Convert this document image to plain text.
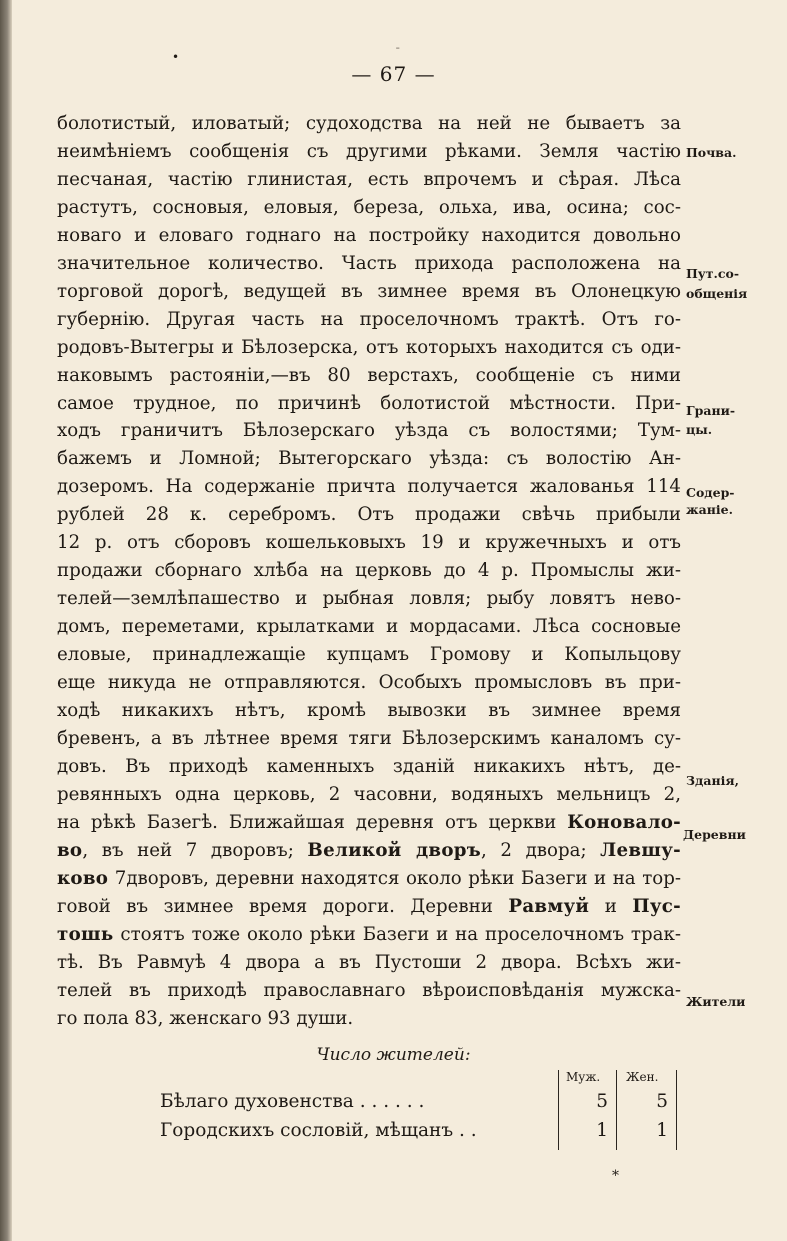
•	ˉ
— 67 —
болотистый, иловатый; судоходства на ней не бываетъ за
неимѣніемъ сообщенія съ другими рѣками. Земля частію
песчаная, частію глинистая, есть впрочемъ и сѣрая. Лѣса
растутъ, сосновыя, еловыя, береза, ольха, ива, осина; сос-
новаго и еловаго годнаго на постройку находится довольно
значительное количество. Часть прихода расположена на
торговой дорогѣ, ведущей въ зимнее время въ Олонецкую
губернію. Другая часть на проселочномъ трактѣ. Отъ го-
родовъ-Вытегры и Бѣлозерска, отъ которыхъ находится съ оди-
наковымъ растояніи,—въ 80 верстахъ, сообщеніе съ ними
самое трудное, по причинѣ болотистой мѣстности. При-
ходъ граничитъ Бѣлозерскаго уѣзда съ волостями; Тум-
бажемъ и Ломной; Вытегорскаго уѣзда: съ волостію Ан-
дозеромъ. На содержаніе причта получается жалованья 114
рублей 28 к. серебромъ. Отъ продажи свѣчь прибыли
12 р. отъ сборовъ кошельковыхъ 19 и кружечныхъ и отъ
продажи сборнаго хлѣба на церковь до 4 р. Промыслы жи-
телей—землѣпашество и рыбная ловля; рыбу ловятъ нево-
домъ, переметами, крылатками и мордасами. Лѣса сосновые
еловые, принадлежащіе купцамъ Громову и Копыльцову
еще никуда не отправляются. Особыхъ промысловъ въ при-
ходѣ никакихъ нѣтъ, кромѣ вывозки въ зимнее время
бревенъ, а въ лѣтнее время тяги Бѣлозерскимъ каналомъ су-
довъ. Въ приходѣ каменныхъ зданій никакихъ нѣтъ, де-
ревянныхъ одна церковь, 2 часовни, водяныхъ мельницъ 2,
на рѣкѣ Базегѣ. Ближайшая деревня отъ церкви Коновало-
во, въ ней 7 дворовъ; Великой дворъ, 2 двора; Левшу-
ково 7дворовъ, деревни находятся около рѣки Базеги и на тор-
говой въ зимнее время дороги. Деревни Равмуй и Пус-
тошь стоятъ тоже около рѣки Базеги и на проселочномъ трак-
тѣ. Въ Равмуѣ 4 двора а въ Пустоши 2 двора. Всѣхъ жи-
телей въ приходѣ православнаго вѣроисповѣданія мужска-
го пола 83, женскаго 93 души.
Почва.
Пут.со-
общенія
Грани-
цы.
Содер-
жаніе.
Зданія,
Деревни
Жители
Число жителей:
Муж. Жен.
Бѣлаго духовенства . . . . . .	5	5
Городскихъ сословій, мѣщанъ . .	1	1
*
